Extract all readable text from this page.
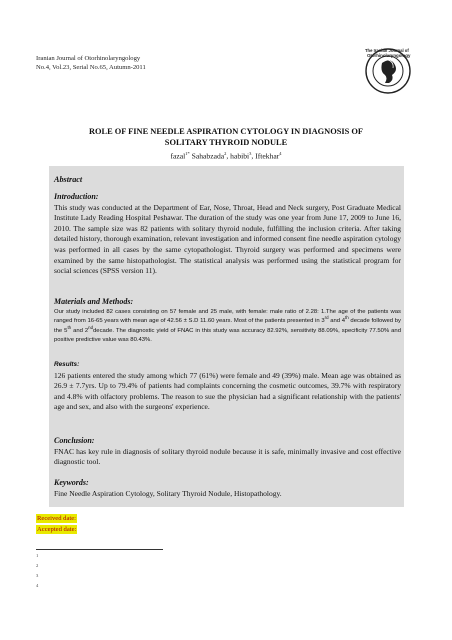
Iranian Journal of Otorhinolaryngology
No.4, Vol.23, Serial No.65, Autumn-2011
The Iranian Journal of
Otorhinolaryngology
ROLE OF FINE NEEDLE ASPIRATION CYTOLOGY IN DIAGNOSIS OF
SOLITARY THYROID NODULE
fazal$^{1*}$ Sahabzada$^2$, habibi$^3$, Iftekhar$^4$
Abstract
Introduction:
This study was conducted at the Department of Ear, Nose, Throat, Head and Neck surgery, Post Graduate Medical Institute Lady Reading Hospital Peshawar. The duration of the study was one year from June 17, 2009 to June 16, 2010. The sample size was 82 patients with solitary thyroid nodule, fulfilling the inclusion criteria. After taking detailed history, thorough examination, relevant investigation and informed consent fine needle aspiration cytology was performed in all cases by the same cytopathologist. Thyroid surgery was performed and specimens were examined by the same histopathologist. The statistical analysis was performed using the statistical program for social sciences (SPSS version 11).
Materials and Methods:
Our study included 82 cases consisting on 57 female and 25 male, with female: male ratio of 2.28: 1.The age of the patients was ranged from 16-65 years with mean age of 42.56 ± S.D 11.60 years. Most of the patients presented in 3rd and 4th decade followed by the 5th and 2nddecade. The diagnostic yield of FNAC in this study was accuracy 82.92%, sensitivity 88.09%, specificity 77.50% and positive predictive value was 80.43%.
Results:
126 patients entered the study among which 77 (61%) were female and 49 (39%) male. Mean age was obtained as 26.9 ± 7.7yrs. Up to 79.4% of patients had complaints concerning the cosmetic outcomes, 39.7% with respiratory and 4.8% with olfactory problems. The reason to sue the physician had a significant relationship with the patients' age and sex, and also with the surgeons' experience.
Conclusion:
FNAC has key rule in diagnosis of solitary thyroid nodule because it is safe, minimally invasive and cost effective diagnostic tool.
Keywords:
Fine Needle Aspiration Cytology, Solitary Thyroid Nodule, Histopathology.
Received date:
Accepted date:
1
2
3
4
